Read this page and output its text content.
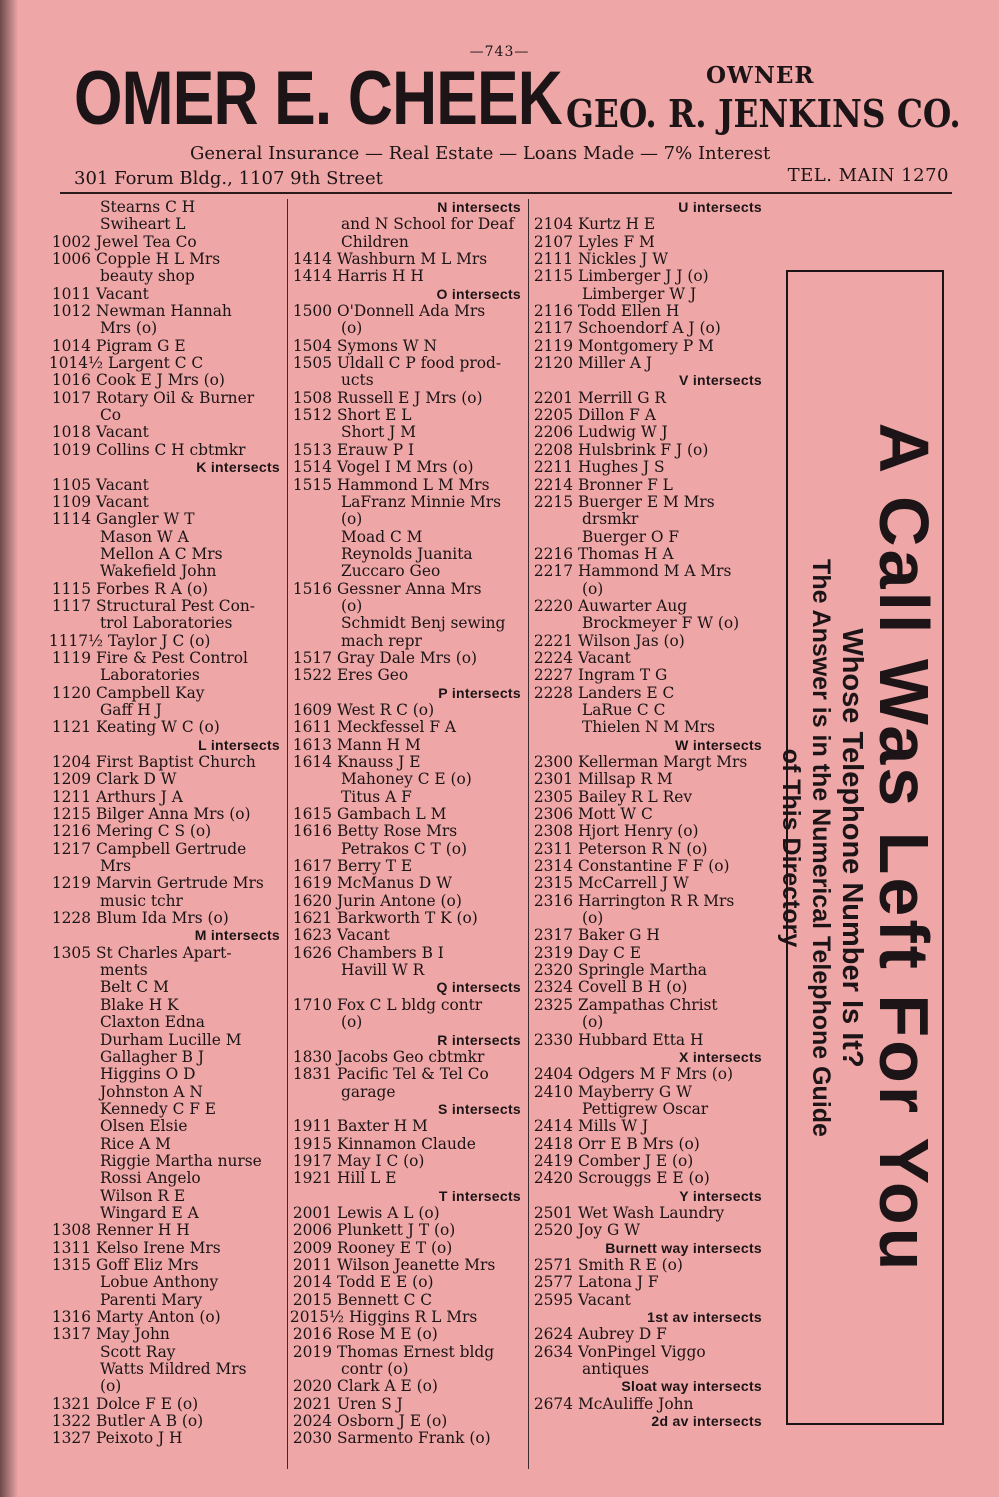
—743—
OMER E. CHEEK	OWNER
GEO. R. JENKINS CO.
General Insurance — Real Estate — Loans Made — 7% Interest
301 Forum Bldg., 1107 9th Street	TEL. MAIN 1270
Stearns C H
Swiheart L
1002 Jewel Tea Co
1006 Copple H L Mrs
beauty shop
1011 Vacant
1012 Newman Hannah
Mrs (o)
1014 Pigram G E
1014½ Largent C C
1016 Cook E J Mrs (o)
1017 Rotary Oil & Burner
Co
1018 Vacant
1019 Collins C H cbtmkr
K intersects
1105 Vacant
1109 Vacant
1114 Gangler W T
Mason W A
Mellon A C Mrs
Wakefield John
1115 Forbes R A (o)
1117 Structural Pest Con-
trol Laboratories
1117½ Taylor J C (o)
1119 Fire & Pest Control
Laboratories
1120 Campbell Kay
Gaff H J
1121 Keating W C (o)
L intersects
1204 First Baptist Church
1209 Clark D W
1211 Arthurs J A
1215 Bilger Anna Mrs (o)
1216 Mering C S (o)
1217 Campbell Gertrude
Mrs
1219 Marvin Gertrude Mrs
music tchr
1228 Blum Ida Mrs (o)
M intersects
1305 St Charles Apart-
ments
Belt C M
Blake H K
Claxton Edna
Durham Lucille M
Gallagher B J
Higgins O D
Johnston A N
Kennedy C F E
Olsen Elsie
Rice A M
Riggie Martha nurse
Rossi Angelo
Wilson R E
Wingard E A
1308 Renner H H
1311 Kelso Irene Mrs
1315 Goff Eliz Mrs
Lobue Anthony
Parenti Mary
1316 Marty Anton (o)
1317 May John
Scott Ray
Watts Mildred Mrs
(o)
1321 Dolce F E (o)
1322 Butler A B (o)
1327 Peixoto J H
N intersects
and N School for Deaf
Children
1414 Washburn M L Mrs
1414 Harris H H
O intersects
1500 O'Donnell Ada Mrs
(o)
1504 Symons W N
1505 Uldall C P food prod-
ucts
1508 Russell E J Mrs (o)
1512 Short E L
Short J M
1513 Erauw P I
1514 Vogel I M Mrs (o)
1515 Hammond L M Mrs
LaFranz Minnie Mrs
(o)
Moad C M
Reynolds Juanita
Zuccaro Geo
1516 Gessner Anna Mrs
(o)
Schmidt Benj sewing
mach repr
1517 Gray Dale Mrs (o)
1522 Eres Geo
P intersects
1609 West R C (o)
1611 Meckfessel F A
1613 Mann H M
1614 Knauss J E
Mahoney C E (o)
Titus A F
1615 Gambach L M
1616 Betty Rose Mrs
Petrakos C T (o)
1617 Berry T E
1619 McManus D W
1620 Jurin Antone (o)
1621 Barkworth T K (o)
1623 Vacant
1626 Chambers B I
Havill W R
Q intersects
1710 Fox C L bldg contr
(o)
R intersects
1830 Jacobs Geo cbtmkr
1831 Pacific Tel & Tel Co
garage
S intersects
1911 Baxter H M
1915 Kinnamon Claude
1917 May I C (o)
1921 Hill L E
T intersects
2001 Lewis A L (o)
2006 Plunkett J T (o)
2009 Rooney E T (o)
2011 Wilson Jeanette Mrs
2014 Todd E E (o)
2015 Bennett C C
2015½ Higgins R L Mrs
2016 Rose M E (o)
2019 Thomas Ernest bldg
contr (o)
2020 Clark A E (o)
2021 Uren S J
2024 Osborn J E (o)
2030 Sarmento Frank (o)
U intersects
2104 Kurtz H E
2107 Lyles F M
2111 Nickles J W
2115 Limberger J J (o)
Limberger W J
2116 Todd Ellen H
2117 Schoendorf A J (o)
2119 Montgomery P M
2120 Miller A J
V intersects
2201 Merrill G R
2205 Dillon F A
2206 Ludwig W J
2208 Hulsbrink F J (o)
2211 Hughes J S
2214 Bronner F L
2215 Buerger E M Mrs
drsmkr
Buerger O F
2216 Thomas H A
2217 Hammond M A Mrs
(o)
2220 Auwarter Aug
Brockmeyer F W (o)
2221 Wilson Jas (o)
2224 Vacant
2227 Ingram T G
2228 Landers E C
LaRue C C
Thielen N M Mrs
W intersects
2300 Kellerman Margt Mrs
2301 Millsap R M
2305 Bailey R L Rev
2306 Mott W C
2308 Hjort Henry (o)
2311 Peterson R N (o)
2314 Constantine F F (o)
2315 McCarrell J W
2316 Harrington R R Mrs
(o)
2317 Baker G H
2319 Day C E
2320 Springle Martha
2324 Covell B H (o)
2325 Zampathas Christ
(o)
2330 Hubbard Etta H
X intersects
2404 Odgers M F Mrs (o)
2410 Mayberry G W
Pettigrew Oscar
2414 Mills W J
2418 Orr E B Mrs (o)
2419 Comber J E (o)
2420 Scrouggs E E (o)
Y intersects
2501 Wet Wash Laundry
2520 Joy G W
Burnett way intersects
2571 Smith R E (o)
2577 Latona J F
2595 Vacant
1st av intersects
2624 Aubrey D F
2634 VonPingel Viggo
antiques
Sloat way intersects
2674 McAuliffe John
2d av intersects
A Call Was Left For You
Whose Telephone Number Is It?
The Answer is in the Numerical Telephone Guide
of This Directory
